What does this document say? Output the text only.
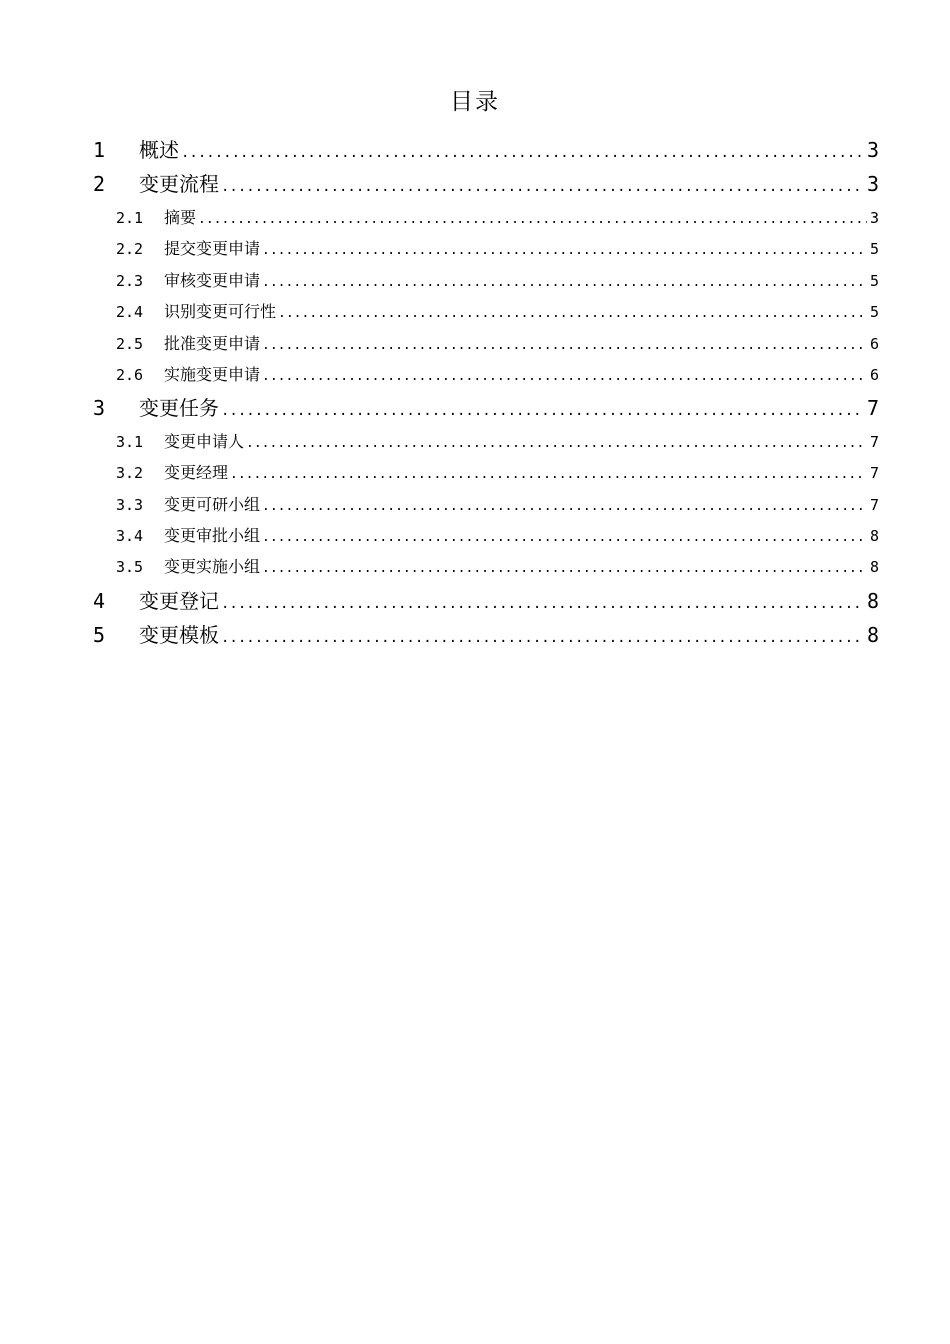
目录
1	概述 .....	3
2	变更流程 .....	3
2.1	摘要 .....	3
2.2	提交变更申请 .....	5
2.3	审核变更申请 .....	5
2.4	识别变更可行性 .....	5
2.5	批准变更申请 .....	6
2.6	实施变更申请 .....	6
3	变更任务 .....	7
3.1	变更申请人 .....	7
3.2	变更经理 .....	7
3.3	变更可研小组 .....	7
3.4	变更审批小组 .....	8
3.5	变更实施小组 .....	8
4	变更登记 .....	8
5	变更模板 .....	8
